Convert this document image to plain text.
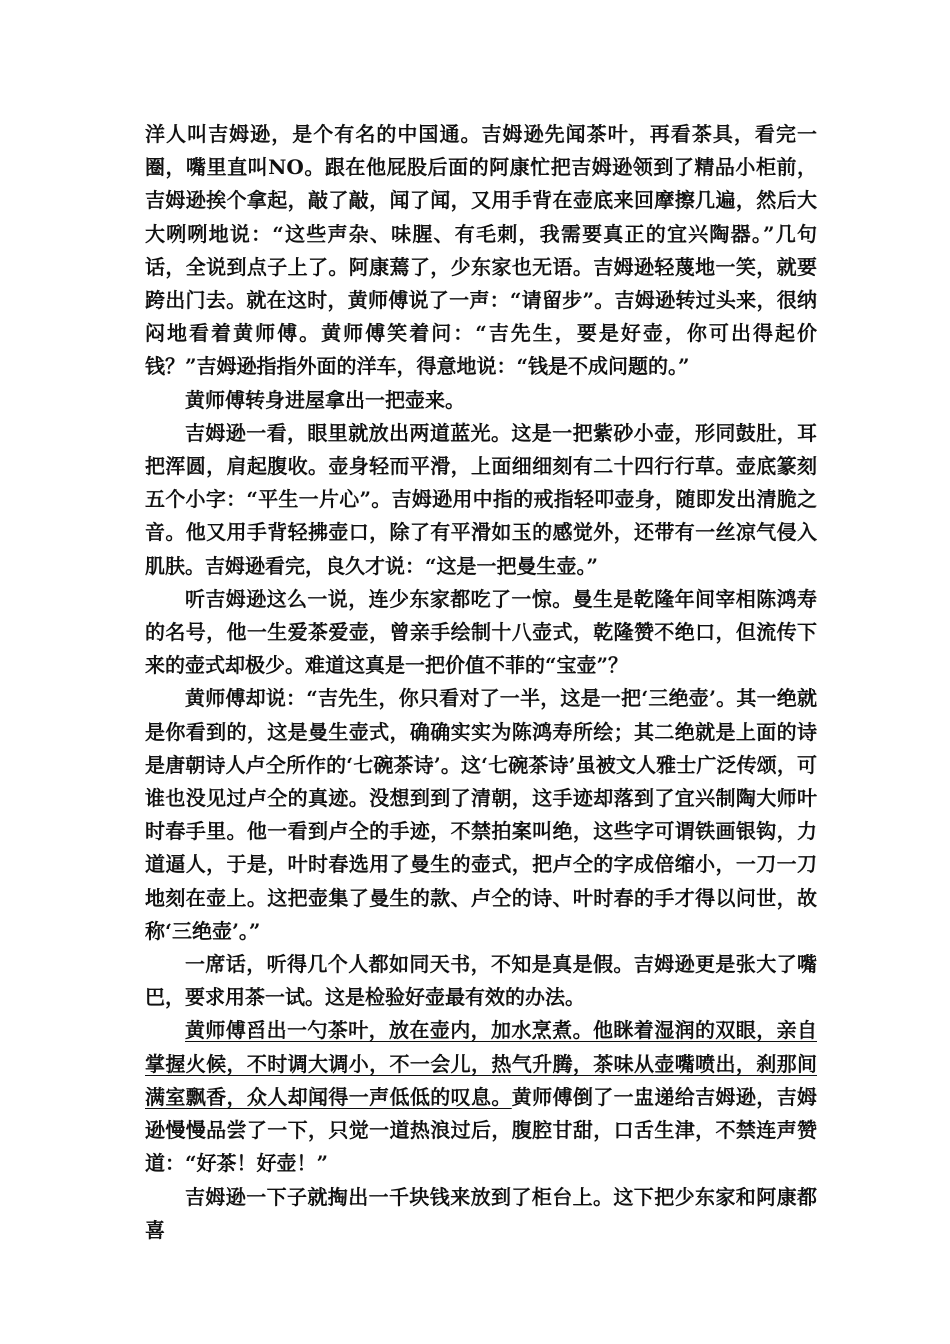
洋人叫吉姆逊，是个有名的中国通。吉姆逊先闻茶叶，再看茶具，看完一圈，嘴里直叫NO。跟在他屁股后面的阿康忙把吉姆逊领到了精品小柜前，吉姆逊挨个拿起，敲了敲，闻了闻，又用手背在壶底来回摩擦几遍，然后大大咧咧地说：“这些声杂、味腥、有毛刺，我需要真正的宜兴陶器。”几句话，全说到点子上了。阿康蔫了，少东家也无语。吉姆逊轻蔑地一笑，就要跨出门去。就在这时，黄师傅说了一声：“请留步”。吉姆逊转过头来，很纳闷地看着黄师傅。黄师傅笑着问：“吉先生，要是好壶，你可出得起价钱？”吉姆逊指指外面的洋车，得意地说：“钱是不成问题的。”

黄师傅转身进屋拿出一把壶来。

吉姆逊一看，眼里就放出两道蓝光。这是一把紫砂小壶，形同鼓肚，耳把浑圆，肩起腹收。壶身轻而平滑，上面细细刻有二十四行行草。壶底篆刻五个小字：“平生一片心”。吉姆逊用中指的戒指轻叩壶身，随即发出清脆之音。他又用手背轻拂壶口，除了有平滑如玉的感觉外，还带有一丝凉气侵入肌肤。吉姆逊看完，良久才说：“这是一把曼生壶。”

听吉姆逊这么一说，连少东家都吃了一惊。曼生是乾隆年间宰相陈鸿寿的名号，他一生爱茶爱壶，曾亲手绘制十八壶式，乾隆赞不绝口，但流传下来的壶式却极少。难道这真是一把价值不菲的“宝壶”？

黄师傅却说：“吉先生，你只看对了一半，这是一把‘三绝壶’。其一绝就是你看到的，这是曼生壶式，确确实实为陈鸿寿所绘；其二绝就是上面的诗是唐朝诗人卢仝所作的‘七碗茶诗’。这‘七碗茶诗’虽被文人雅士广泛传颂，可谁也没见过卢仝的真迹。没想到到了清朝，这手迹却落到了宜兴制陶大师叶时春手里。他一看到卢仝的手迹，不禁拍案叫绝，这些字可谓铁画银钩，力道逼人，于是，叶时春选用了曼生的壶式，把卢仝的字成倍缩小，一刀一刀地刻在壶上。这把壶集了曼生的款、卢仝的诗、叶时春的手才得以问世，故称‘三绝壶’。”

一席话，听得几个人都如同天书，不知是真是假。吉姆逊更是张大了嘴巴，要求用茶一试。这是检验好壶最有效的办法。

黄师傅舀出一勺茶叶，放在壶内，加水烹煮。他眯着湿润的双眼，亲自掌握火候，不时调大调小，不一会儿，热气升腾，茶味从壶嘴喷出，刹那间满室飘香，众人却闻得一声低低的叹息。黄师傅倒了一盅递给吉姆逊，吉姆逊慢慢品尝了一下，只觉一道热浪过后，腹腔甘甜，口舌生津，不禁连声赞道：“好茶！好壶！”

吉姆逊一下子就掏出一千块钱来放到了柜台上。这下把少东家和阿康都喜
